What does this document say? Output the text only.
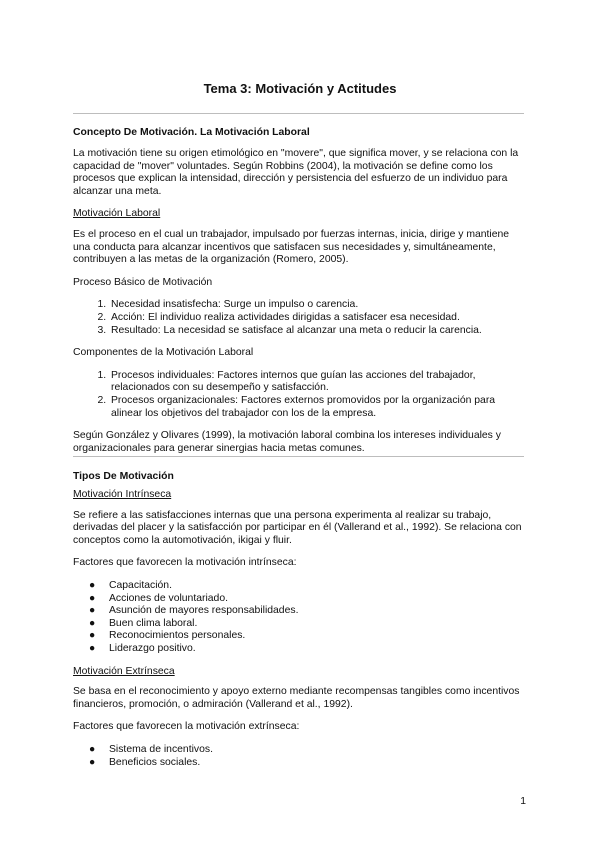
Tema 3: Motivación y Actitudes
Concepto De Motivación. La Motivación Laboral

La motivación tiene su origen etimológico en "movere", que significa mover, y se relaciona con la capacidad de "mover" voluntades. Según Robbins (2004), la motivación se define como los procesos que explican la intensidad, dirección y persistencia del esfuerzo de un individuo para alcanzar una meta.

Motivación Laboral

Es el proceso en el cual un trabajador, impulsado por fuerzas internas, inicia, dirige y mantiene una conducta para alcanzar incentivos que satisfacen sus necesidades y, simultáneamente, contribuyen a las metas de la organización (Romero, 2005).

Proceso Básico de Motivación

1. Necesidad insatisfecha: Surge un impulso o carencia.
2. Acción: El individuo realiza actividades dirigidas a satisfacer esa necesidad.
3. Resultado: La necesidad se satisface al alcanzar una meta o reducir la carencia.

Componentes de la Motivación Laboral

1. Procesos individuales: Factores internos que guían las acciones del trabajador, relacionados con su desempeño y satisfacción.
2. Procesos organizacionales: Factores externos promovidos por la organización para alinear los objetivos del trabajador con los de la empresa.

Según González y Olivares (1999), la motivación laboral combina los intereses individuales y organizacionales para generar sinergias hacia metas comunes.

Tipos De Motivación

Motivación Intrínseca

Se refiere a las satisfacciones internas que una persona experimenta al realizar su trabajo, derivadas del placer y la satisfacción por participar en él (Vallerand et al., 1992). Se relaciona con conceptos como la automotivación, ikigai y fluir.

Factores que favorecen la motivación intrínseca:

● Capacitación.
● Acciones de voluntariado.
● Asunción de mayores responsabilidades.
● Buen clima laboral.
● Reconocimientos personales.
● Liderazgo positivo.

Motivación Extrínseca

Se basa en el reconocimiento y apoyo externo mediante recompensas tangibles como incentivos financieros, promoción, o admiración (Vallerand et al., 1992).

Factores que favorecen la motivación extrínseca:

● Sistema de incentivos.
● Beneficios sociales.
1
